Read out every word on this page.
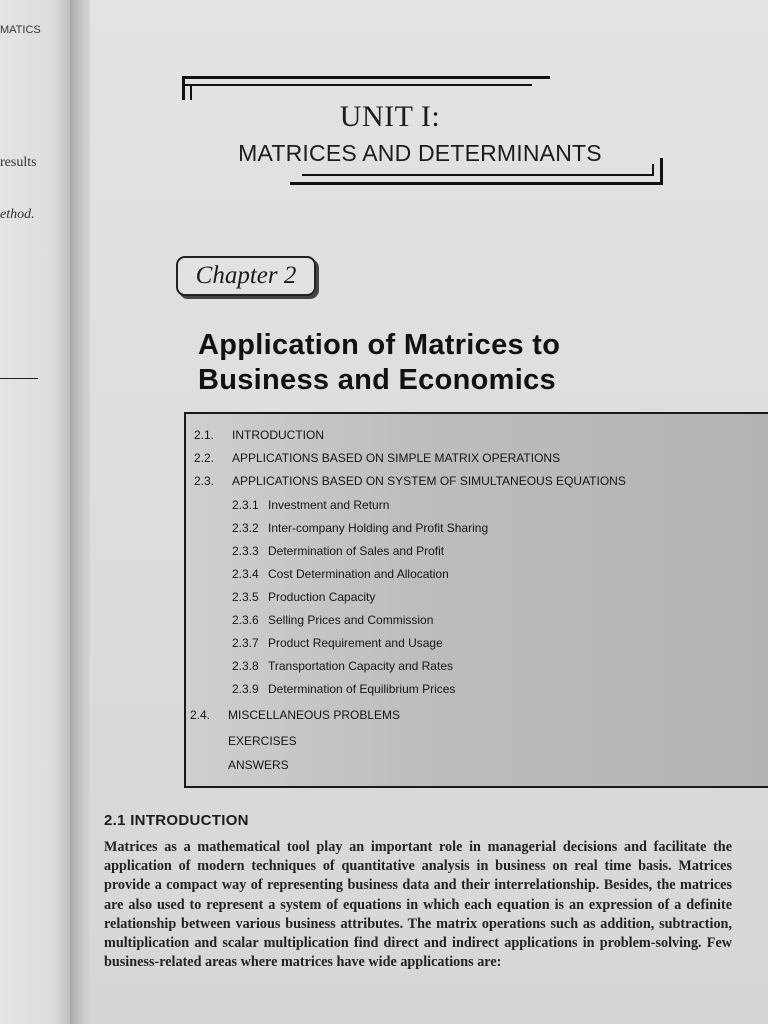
MATICS
results
ethod.
UNIT I:
MATRICES AND DETERMINANTS
Chapter 2
Application of Matrices to
Business and Economics
2.1. INTRODUCTION
2.2. APPLICATIONS BASED ON SIMPLE MATRIX OPERATIONS
2.3. APPLICATIONS BASED ON SYSTEM OF SIMULTANEOUS EQUATIONS
2.3.1 Investment and Return
2.3.2 Inter-company Holding and Profit Sharing
2.3.3 Determination of Sales and Profit
2.3.4 Cost Determination and Allocation
2.3.5 Production Capacity
2.3.6 Selling Prices and Commission
2.3.7 Product Requirement and Usage
2.3.8 Transportation Capacity and Rates
2.3.9 Determination of Equilibrium Prices
2.4. MISCELLANEOUS PROBLEMS
EXERCISES
ANSWERS
2.1 INTRODUCTION
Matrices as a mathematical tool play an important role in managerial decisions and facilitate the application of modern techniques of quantitative analysis in business on real time basis. Matrices provide a compact way of representing business data and their interrelationship. Besides, the matrices are also used to represent a system of equations in which each equation is an expression of a definite relationship between various business attributes. The matrix operations such as addition, subtraction, multiplication and scalar multiplication find direct and indirect applications in problem-solving. Few business-related areas where matrices have wide applications are:
